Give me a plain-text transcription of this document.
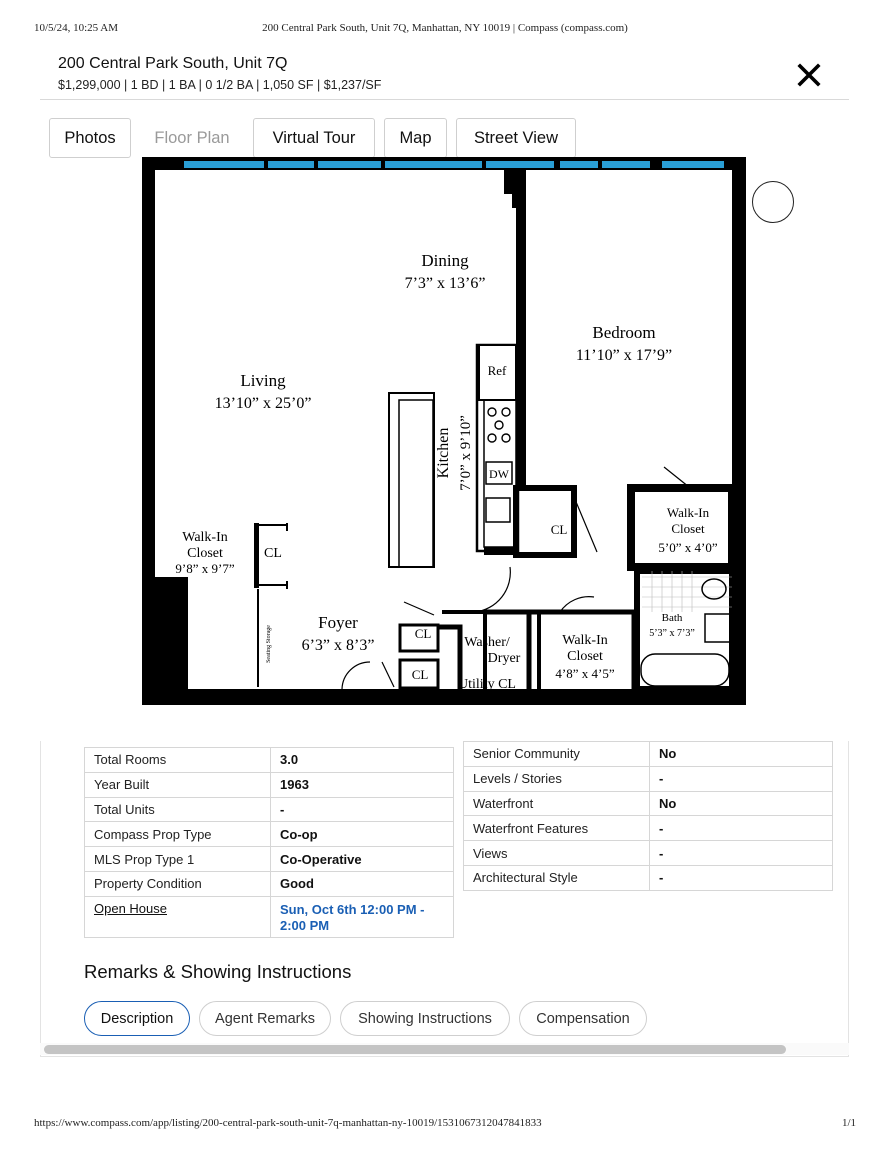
10/5/24, 10:25 AM	200 Central Park South, Unit 7Q, Manhattan, NY 10019 | Compass (compass.com)
200 Central Park South, Unit 7Q
$1,299,000 | 1 BD | 1 BA | 0 1/2 BA | 1,050 SF | $1,237/SF
Photos	Floor Plan	Virtual Tour	Map	Street View
Ref
DW
CL
Dining
7’3” x 13’6”
Bedroom
11’10” x 17’9”
Living
13’10” x 25’0”
Kitchen 7’0” x 9’10”
Walk-In
Closet
9’8” x 9’7”
CL
Walk-In
Closet
5’0” x 4’0”
Walk-In
Closet
4’8” x 4’5”
Foyer
6’3” x 8’3”
Bath
5’3” x 7’3”
Washer/
Dryer
Utility CL
CL
CL
Seating Storage
Total Rooms	3.0
Year Built	1963
Total Units	-
Compass Prop Type	Co-op
MLS Prop Type 1	Co-Operative
Property Condition	Good
Open House	Sun, Oct 6th 12:00 PM - 2:00 PM
Senior Community	No
Levels / Stories	-
Waterfront	No
Waterfront Features	-
Views	-
Architectural Style	-
Remarks & Showing Instructions
Description	Agent Remarks	Showing Instructions	Compensation
https://www.compass.com/app/listing/200-central-park-south-unit-7q-manhattan-ny-10019/1531067312047841833	1/1
